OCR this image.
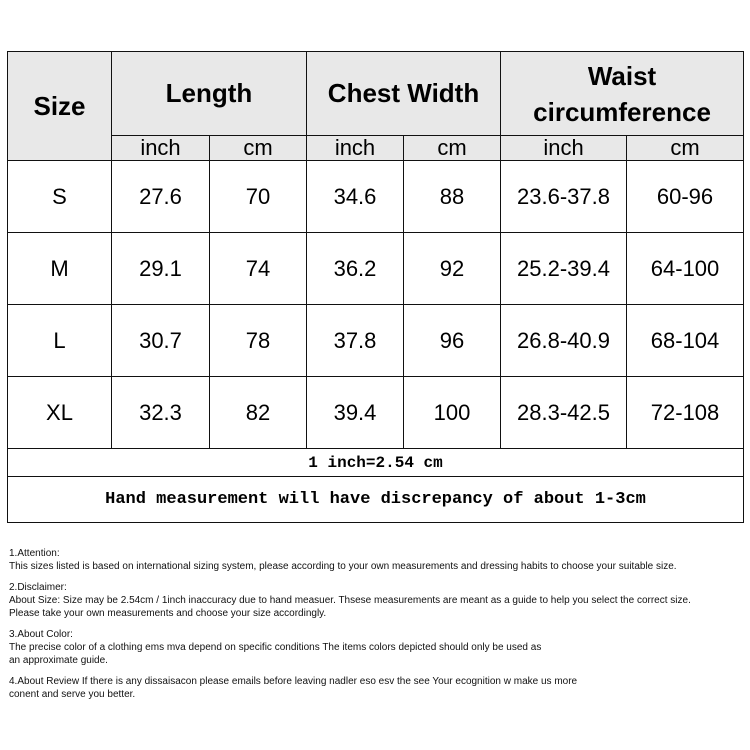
Size	Length		Chest Width		Waist
circumference	
	inch	cm	inch	cm	inch	cm
S	27.6	70	34.6	88	23.6-37.8	60-96
M	29.1	74	36.2	92	25.2-39.4	64-100
L	30.7	78	37.8	96	26.8-40.9	68-104
XL	32.3	82	39.4	100	28.3-42.5	72-108
1 inch=2.54 cm						
Hand measurement will have discrepancy of about 1-3cm						

1.Attention:

This sizes listed is based on international sizing system, please according to your own measurements and dressing habits to choose your suitable size.

2.Disclaimer:

About Size: Size may be 2.54cm / 1inch inaccuracy due to hand measuer. Thsese measurements are meant as a guide to help you select the correct size.

Please take your own measurements and choose your size accordingly.

3.About Color:

The precise color of a clothing ems mva depend on specific conditions The items colors depicted should only be used as

an approximate guide.

4.About Review If there is any dissaisacon please emails before leaving nadler eso esv the see Your ecognition w make us more

conent and serve you better.
